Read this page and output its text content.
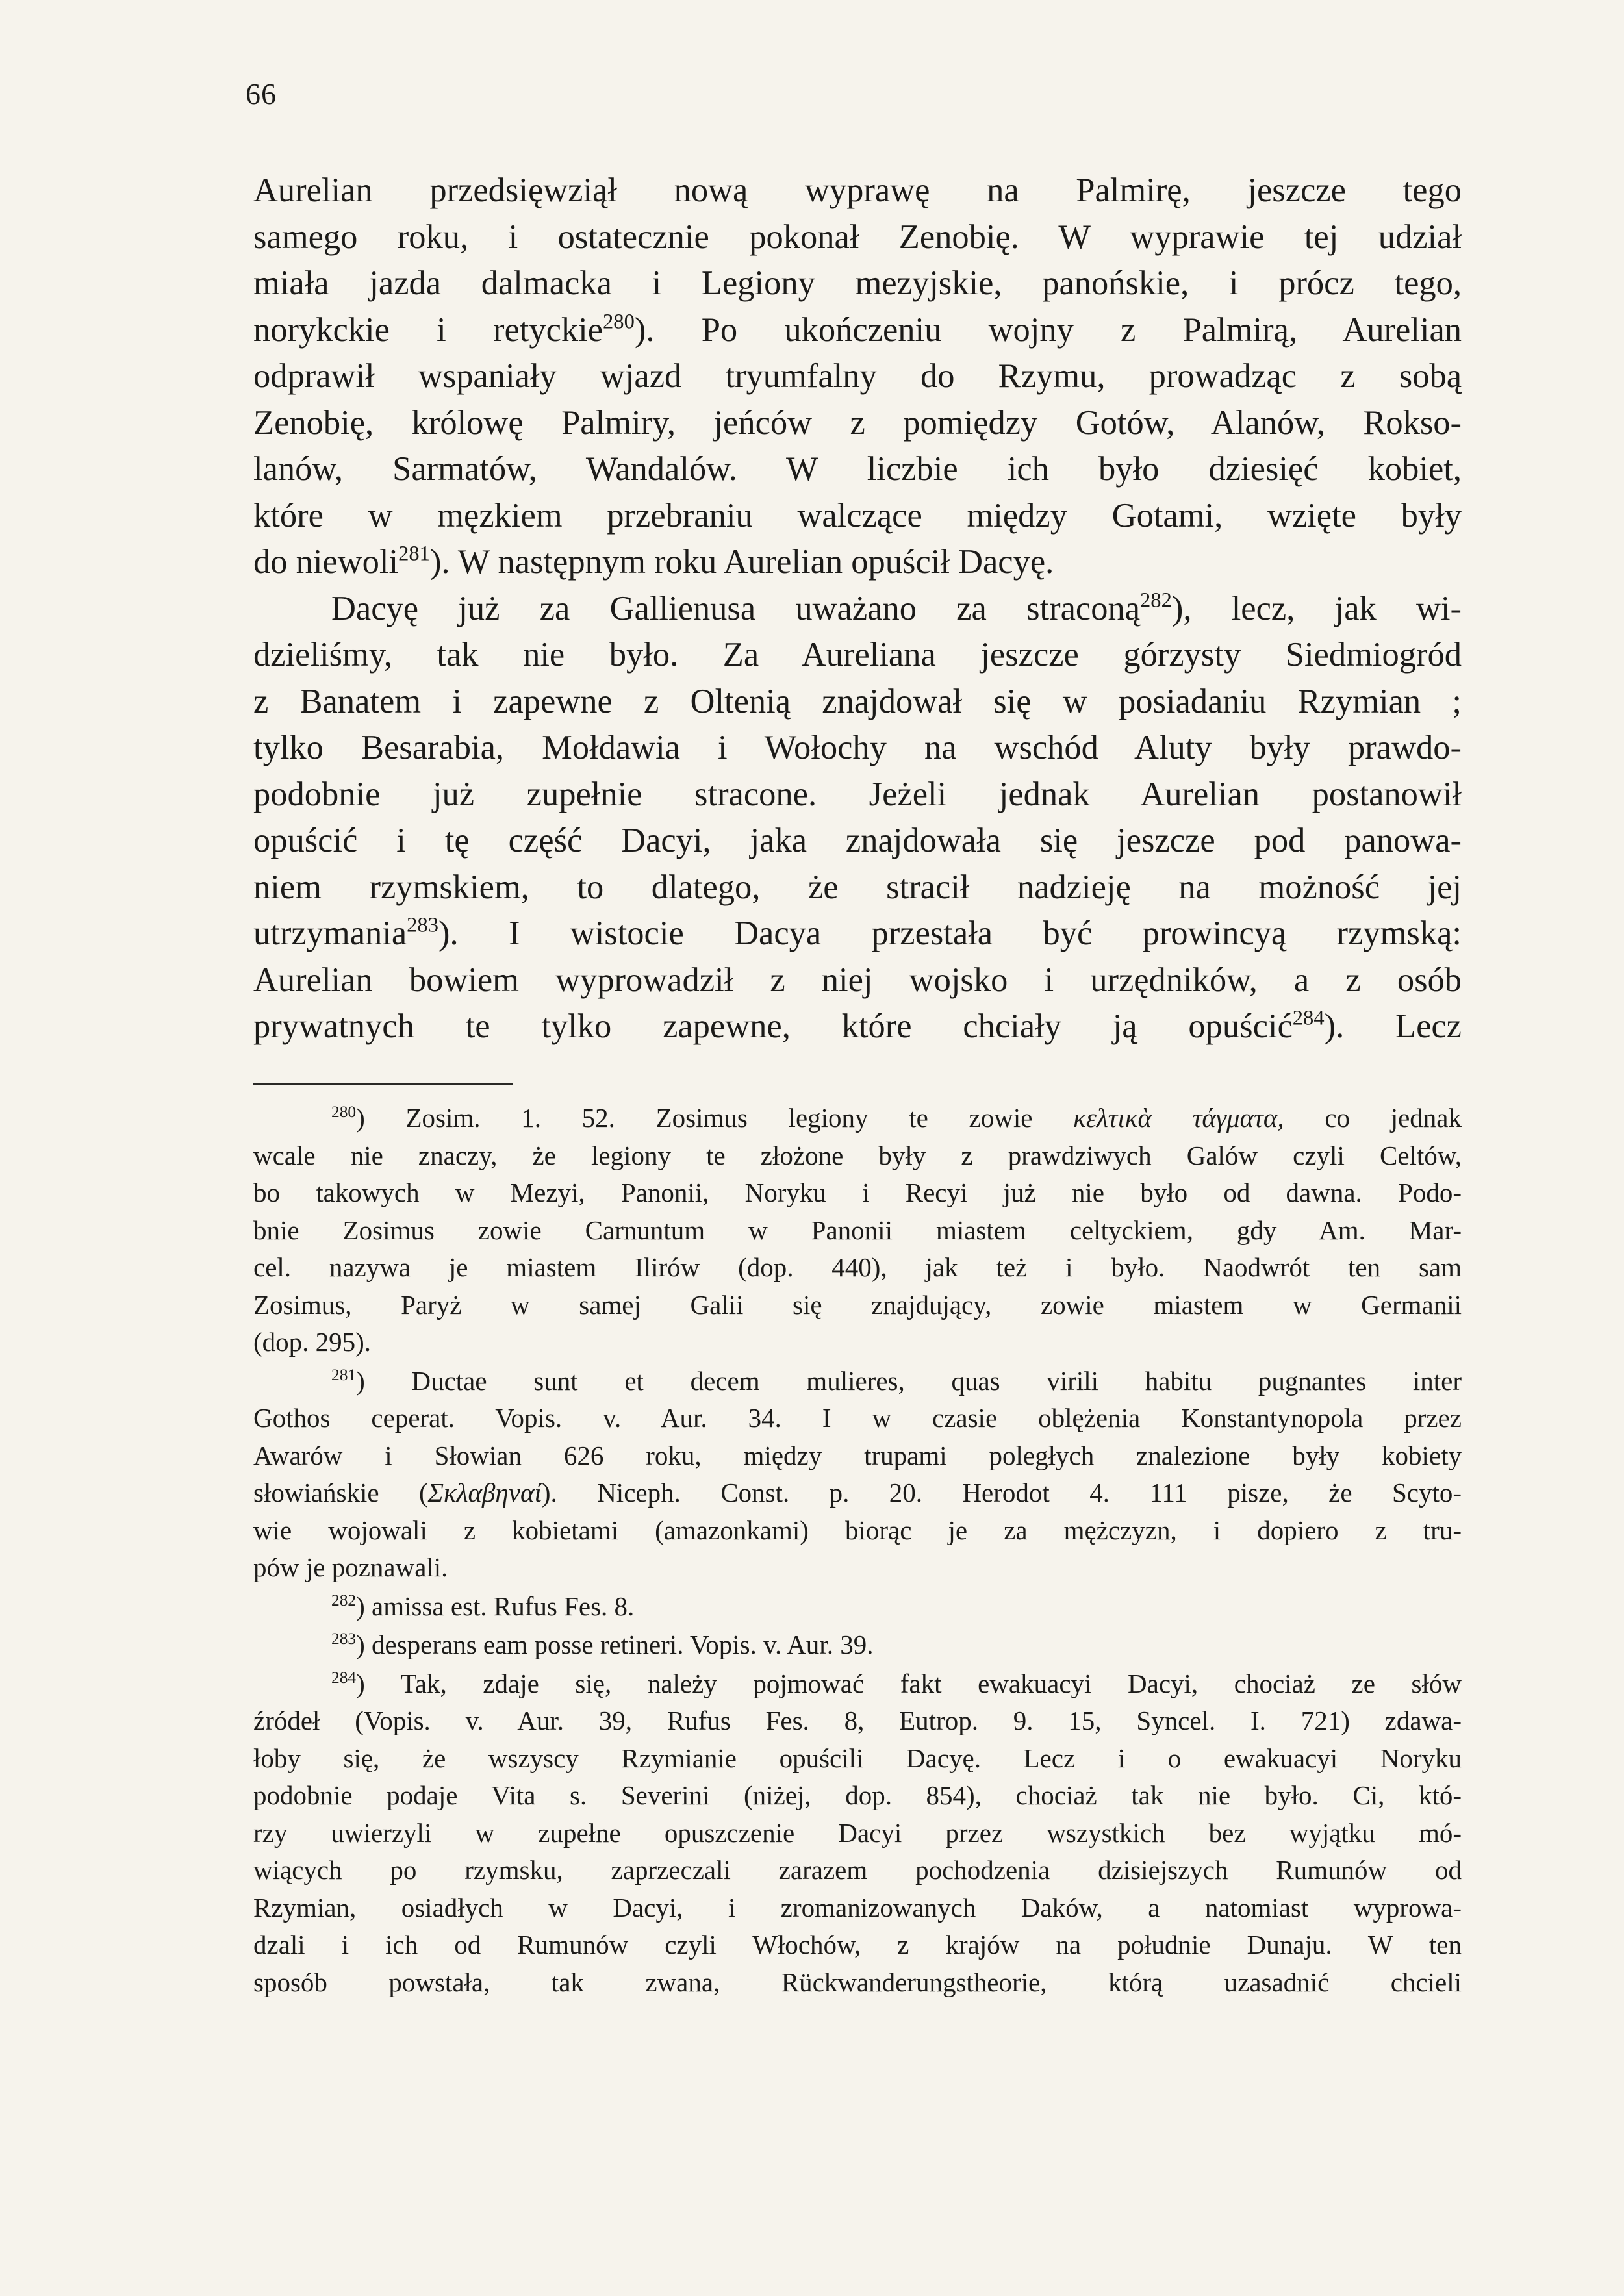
66
Aurelian przedsięwziął nową wyprawę na Palmirę, jeszcze tego
samego roku, i ostatecznie pokonał Zenobię. W wyprawie tej udział
miała jazda dalmacka i Legiony mezyjskie, panońskie, i prócz tego,
norykckie i retyckie$^{280}$). Po ukończeniu wojny z Palmirą, Aurelian
odprawił wspaniały wjazd tryumfalny do Rzymu, prowadząc z sobą
Zenobię, królowę Palmiry, jeńców z pomiędzy Gotów, Alanów, Rokso-
lanów, Sarmatów, Wandalów. W liczbie ich było dziesięć kobiet,
które w męzkiem przebraniu walczące między Gotami, wzięte były
do niewoli$^{281}$). W następnym roku Aurelian opuścił Dacyę.
Dacyę już za Gallienusa uważano za straconą$^{282}$), lecz, jak wi-
dzieliśmy, tak nie było. Za Aureliana jeszcze górzysty Siedmiogród
z Banatem i zapewne z Oltenią znajdował się w posiadaniu Rzymian ;
tylko Besarabia, Mołdawia i Wołochy na wschód Aluty były prawdo-
podobnie już zupełnie stracone. Jeżeli jednak Aurelian postanowił
opuścić i tę część Dacyi, jaka znajdowała się jeszcze pod panowa-
niem rzymskiem, to dlatego, że stracił nadzieję na możność jej
utrzymania$^{283}$). I wistocie Dacya przestała być prowincyą rzymską:
Aurelian bowiem wyprowadził z niej wojsko i urzędników, a z osób
prywatnych te tylko zapewne, które chciały ją opuścić$^{284}$). Lecz
$^{280}$) Zosim. 1. 52. Zosimus legiony te zowie κελτικὰ τάγματα, co jednak
wcale nie znaczy, że legiony te złożone były z prawdziwych Galów czyli Celtów,
bo takowych w Mezyi, Panonii, Noryku i Recyi już nie było od dawna. Podo-
bnie Zosimus zowie Carnuntum w Panonii miastem celtyckiem, gdy Am. Mar-
cel. nazywa je miastem Ilirów (dop. 440), jak też i było. Naodwrót ten sam
Zosimus, Paryż w samej Galii się znajdujący, zowie miastem w Germanii
(dop. 295).
$^{281}$) Ductae sunt et decem mulieres, quas virili habitu pugnantes inter
Gothos ceperat. Vopis. v. Aur. 34. I w czasie oblężenia Konstantynopola przez
Awarów i Słowian 626 roku, między trupami poległych znalezione były kobiety
słowiańskie (Σκλαβηναί). Niceph. Const. p. 20. Herodot 4. 111 pisze, że Scyto-
wie wojowali z kobietami (amazonkami) biorąc je za mężczyzn, i dopiero z tru-
pów je poznawali.
$^{282}$) amissa est. Rufus Fes. 8.
$^{283}$) desperans eam posse retineri. Vopis. v. Aur. 39.
$^{284}$) Tak, zdaje się, należy pojmować fakt ewakuacyi Dacyi, chociaż ze słów
źródeł (Vopis. v. Aur. 39, Rufus Fes. 8, Eutrop. 9. 15, Syncel. I. 721) zdawa-
łoby się, że wszyscy Rzymianie opuścili Dacyę. Lecz i o ewakuacyi Noryku
podobnie podaje Vita s. Severini (niżej, dop. 854), chociaż tak nie było. Ci, któ-
rzy uwierzyli w zupełne opuszczenie Dacyi przez wszystkich bez wyjątku mó-
wiących po rzymsku, zaprzeczali zarazem pochodzenia dzisiejszych Rumunów od
Rzymian, osiadłych w Dacyi, i zromanizowanych Daków, a natomiast wyprowa-
dzali i ich od Rumunów czyli Włochów, z krajów na południe Dunaju. W ten
sposób powstała, tak zwana, Rückwanderungstheorie, którą uzasadnić chcieli
